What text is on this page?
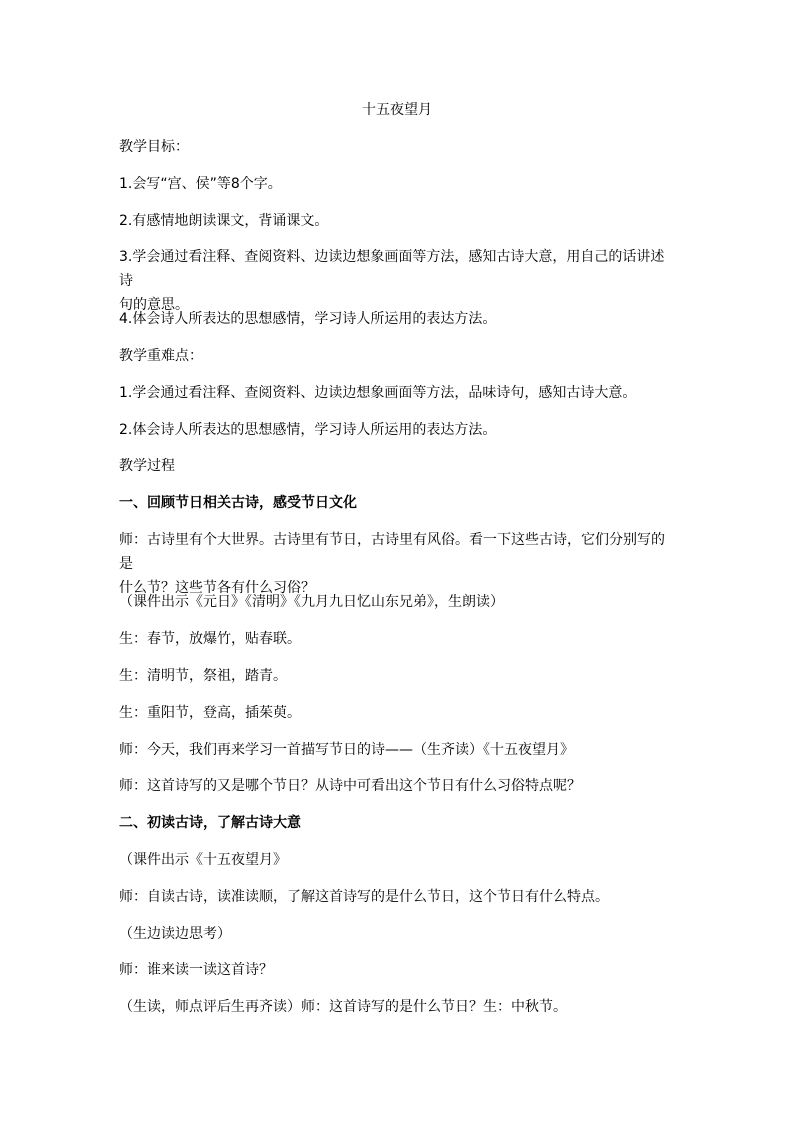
十五夜望月
教学目标：
1.会写“宫、侯”等8个字。
2.有感情地朗读课文，背诵课文。
3.学会通过看注释、查阅资料、边读边想象画面等方法，感知古诗大意，用自己的话讲述诗
句的意思。
4.体会诗人所表达的思想感情，学习诗人所运用的表达方法。
教学重难点：
1.学会通过看注释、查阅资料、边读边想象画面等方法，品味诗句，感知古诗大意。
2.体会诗人所表达的思想感情，学习诗人所运用的表达方法。
教学过程
一、回顾节日相关古诗，感受节日文化
师：古诗里有个大世界。古诗里有节日，古诗里有风俗。看一下这些古诗，它们分别写的是
什么节？这些节各有什么习俗？
（课件出示《元日》《清明》《九月九日忆山东兄弟》，生朗读）
生：春节，放爆竹，贴春联。
生：清明节，祭祖，踏青。
生：重阳节，登高，插茱萸。
师：今天，我们再来学习一首描写节日的诗——（生齐读）《十五夜望月》
师：这首诗写的又是哪个节日？从诗中可看出这个节日有什么习俗特点呢？
二、初读古诗，了解古诗大意
（课件出示《十五夜望月》
师：自读古诗，读准读顺，了解这首诗写的是什么节日，这个节日有什么特点。
（生边读边思考）
师：谁来读一读这首诗？
（生读，师点评后生再齐读）师：这首诗写的是什么节日？生：中秋节。
